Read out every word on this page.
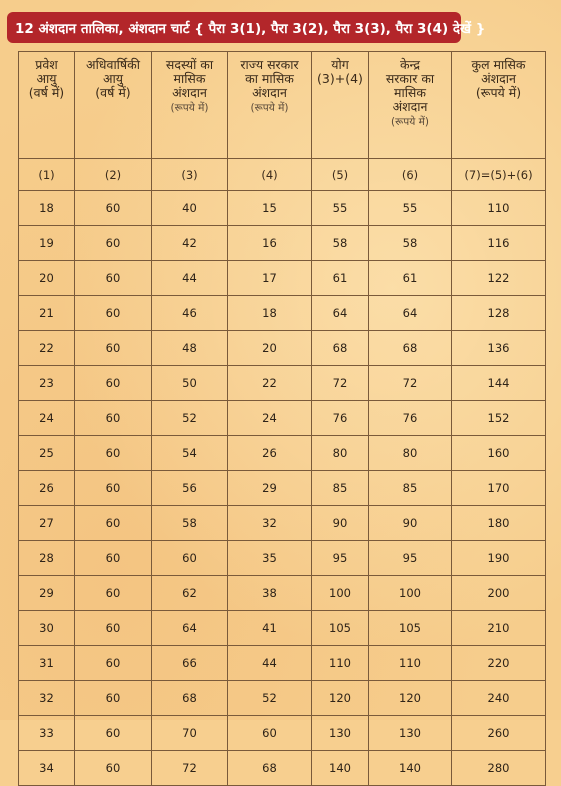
12 अंशदान तालिका, अंशदान चार्ट { पैरा 3(1), पैरा 3(2), पैरा 3(3), पैरा 3(4) देखें }
प्रवेश
आयु
(वर्ष में)	अधिवार्षिकी
आयु
(वर्ष में)	सदस्यों का
मासिक
अंशदान
(रूपये में)	राज्य सरकार
का मासिक
अंशदान
(रूपये में)	योग
(3)+(4)	केन्द्र
सरकार का
मासिक
अंशदान
(रूपये में)	कुल मासिक
अंशदान
(रूपये में)

(1)	(2)	(3)	(4)	(5)	(6)	(7)=(5)+(6)
18	60	40	15	55	55	110
19	60	42	16	58	58	116
20	60	44	17	61	61	122
21	60	46	18	64	64	128
22	60	48	20	68	68	136
23	60	50	22	72	72	144
24	60	52	24	76	76	152
25	60	54	26	80	80	160
26	60	56	29	85	85	170
27	60	58	32	90	90	180
28	60	60	35	95	95	190
29	60	62	38	100	100	200
30	60	64	41	105	105	210
31	60	66	44	110	110	220
32	60	68	52	120	120	240
33	60	70	60	130	130	260
34	60	72	68	140	140	280
